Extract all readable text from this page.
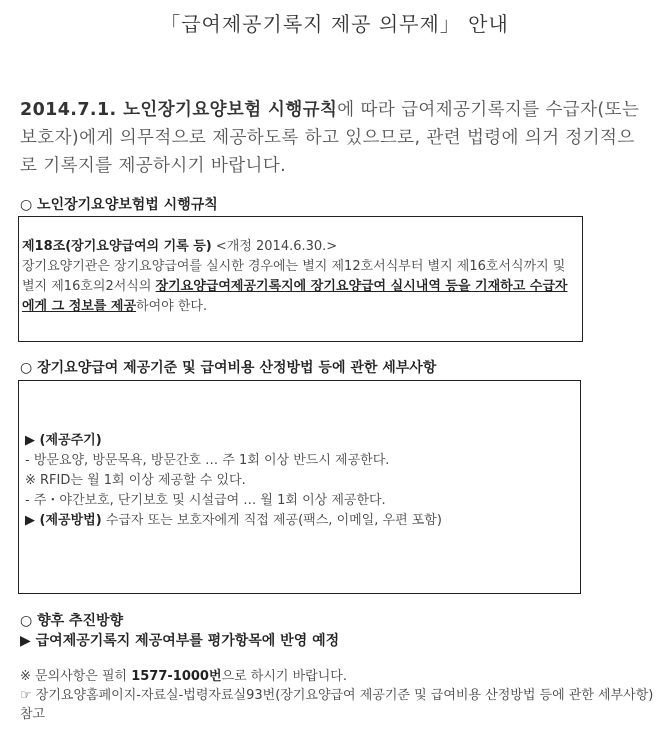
「급여제공기록지 제공 의무제」 안내
2014.7.1. 노인장기요양보험 시행규칙에 따라 급여제공기록지를 수급자(또는 보호자)에게 의무적으로 제공하도록 하고 있으므로, 관련 법령에 의거 정기적으로 기록지를 제공하시기 바랍니다.
○ 노인장기요양보험법 시행규칙
제18조(장기요양급여의 기록 등) <개정 2014.6.30.>
장기요양기관은 장기요양급여를 실시한 경우에는 별지 제12호서식부터 별지 제16호서식까지 및 별지 제16호의2서식의 장기요양급여제공기록지에 장기요양급여 실시내역 등을 기재하고 수급자에게 그 정보를 제공하여야 한다.
○ 장기요양급여 제공기준 및 급여비용 산정방법 등에 관한 세부사항
▶ (제공주기)
- 방문요양, 방문목욕, 방문간호 … 주 1회 이상 반드시 제공한다.
※ RFID는 월 1회 이상 제공할 수 있다.
- 주・야간보호, 단기보호 및 시설급여 … 월 1회 이상 제공한다.
▶ (제공방법) 수급자 또는 보호자에게 직접 제공(팩스, 이메일, 우편 포함)
○ 향후 추진방향
▶ 급여제공기록지 제공여부를 평가항목에 반영 예정
※ 문의사항은 필히 1577-1000번으로 하시기 바랍니다.
☞ 장기요양홈페이지-자료실-법령자료실93번(장기요양급여 제공기준 및 급여비용 산정방법 등에 관한 세부사항) 참고
